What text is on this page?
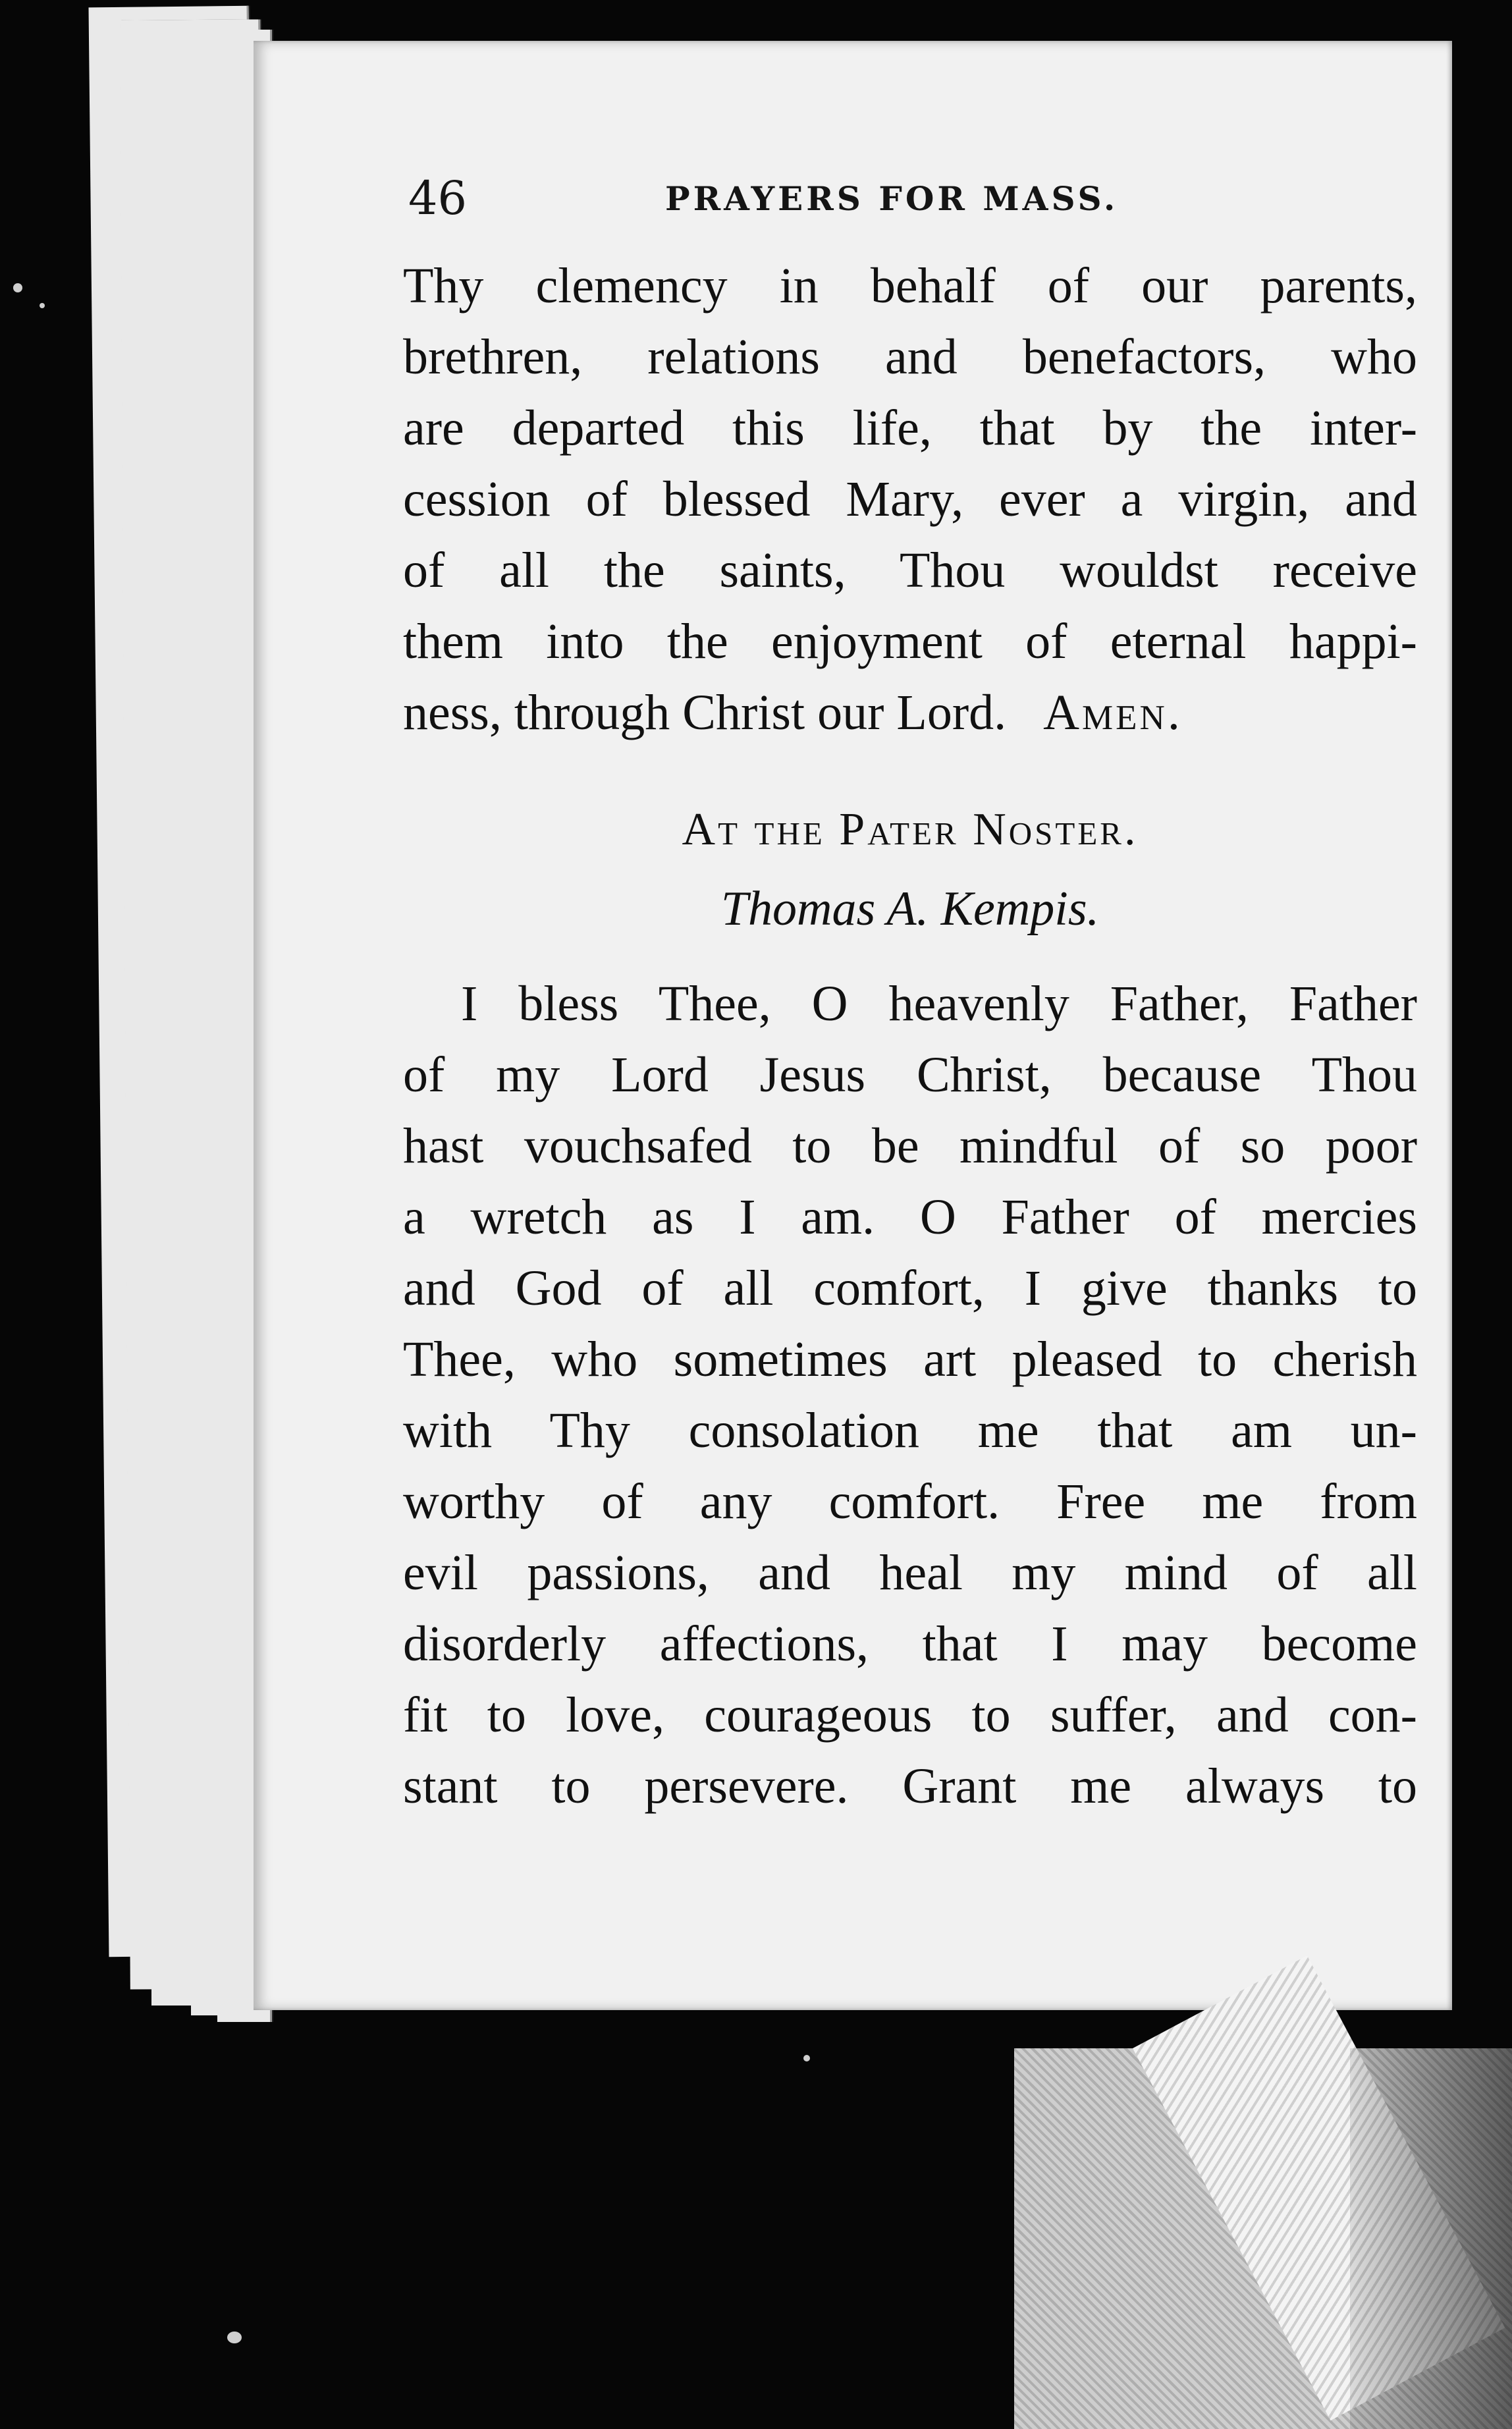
46	PRAYERS FOR MASS.
Thy clemency in behalf of our parents,
brethren, relations and benefactors, who
are departed this life, that by the inter-
cession of blessed Mary, ever a virgin, and
of all the saints, Thou wouldst receive
them into the enjoyment of eternal happi-
ness, through Christ our Lord. Amen.
At the Pater Noster.
Thomas A. Kempis.
I bless Thee, O heavenly Father, Father
of my Lord Jesus Christ, because Thou
hast vouchsafed to be mindful of so poor
a wretch as I am. O Father of mercies
and God of all comfort, I give thanks to
Thee, who sometimes art pleased to cherish
with Thy consolation me that am un-
worthy of any comfort. Free me from
evil passions, and heal my mind of all
disorderly affections, that I may become
fit to love, courageous to suffer, and con-
stant to persevere. Grant me always to
